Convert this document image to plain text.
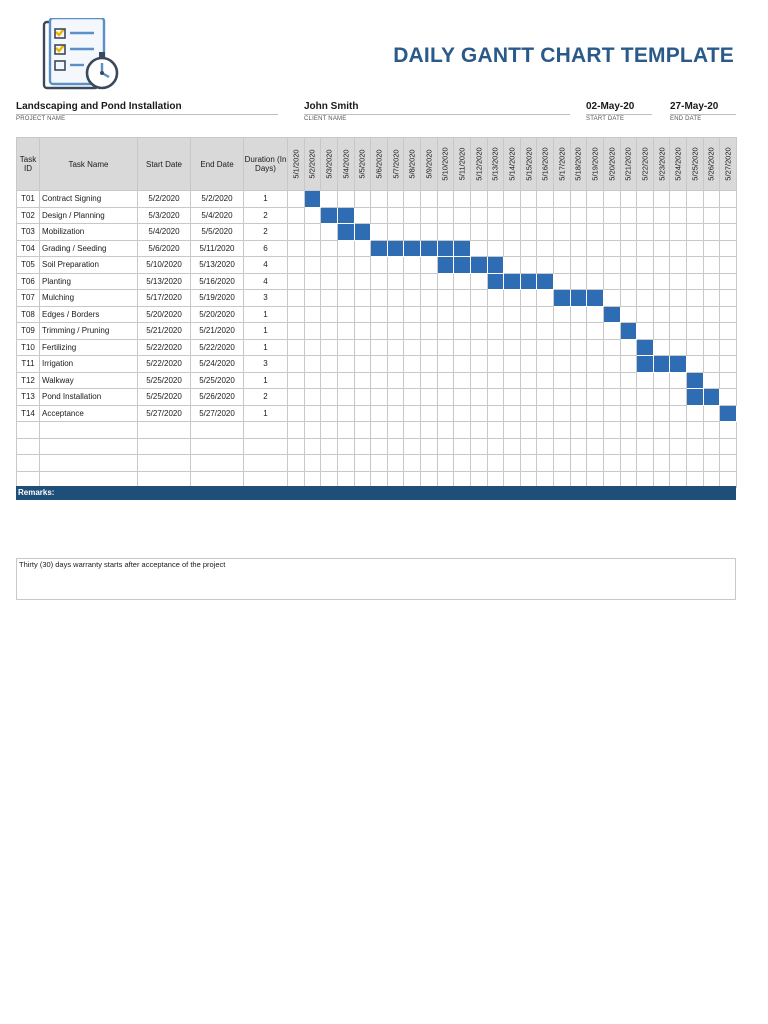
DAILY GANTT CHART TEMPLATE
Landscaping and Pond Installation
PROJECT NAME
John Smith
CLIENT NAME
02-May-20
START DATE
27-May-20
END DATE
Task ID	Task Name	Start Date	End Date	Duration (In Days)	5/1/2020	5/2/2020	5/3/2020	5/4/2020	5/5/2020	5/6/2020	5/7/2020	5/8/2020	5/9/2020	5/10/2020	5/11/2020	5/12/2020	5/13/2020	5/14/2020	5/15/2020	5/16/2020	5/17/2020	5/18/2020	5/19/2020	5/20/2020	5/21/2020	5/22/2020	5/23/2020	5/24/2020	5/25/2020	5/26/2020	5/27/2020

T01	Contract Signing	5/2/2020	5/2/2020	1																											
T02	Design / Planning	5/3/2020	5/4/2020	2																											
T03	Mobilization	5/4/2020	5/5/2020	2																											
T04	Grading / Seeding	5/6/2020	5/11/2020	6																											
T05	Soil Preparation	5/10/2020	5/13/2020	4																											
T06	Planting	5/13/2020	5/16/2020	4																											
T07	Mulching	5/17/2020	5/19/2020	3																											
T08	Edges / Borders	5/20/2020	5/20/2020	1																											
T09	Trimming / Pruning	5/21/2020	5/21/2020	1																											
T10	Fertilizing	5/22/2020	5/22/2020	1																											
T11	Irrigation	5/22/2020	5/24/2020	3																											
T12	Walkway	5/25/2020	5/25/2020	1																											
T13	Pond Installation	5/25/2020	5/26/2020	2																											
T14	Acceptance	5/27/2020	5/27/2020	1																											

Remarks:
Thirty (30) days warranty starts after acceptance of the project
